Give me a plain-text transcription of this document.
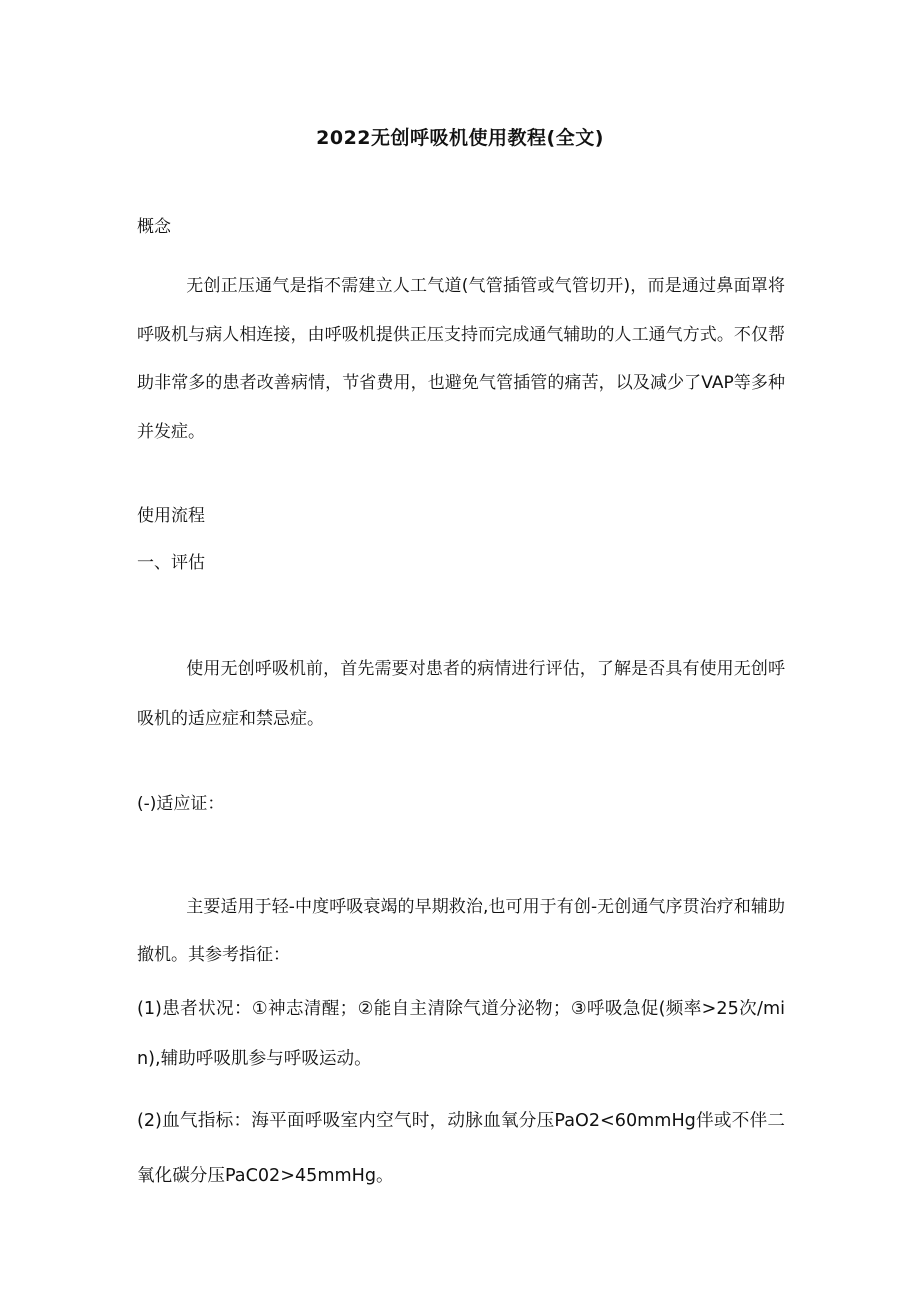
2022无创呼吸机使用教程(全文)
概念

无创正压通气是指不需建立人工气道(气管插管或气管切开)，而是通过鼻面罩将呼吸机与病人相连接，由呼吸机提供正压支持而完成通气辅助的人工通气方式。不仅帮助非常多的患者改善病情，节省费用，也避免气管插管的痛苦，以及减少了VAP等多种并发症。

使用流程
一、评估

使用无创呼吸机前，首先需要对患者的病情进行评估，了解是否具有使用无创呼吸机的适应症和禁忌症。

(-)适应证：

主要适用于轻-中度呼吸衰竭的早期救治,也可用于有创-无创通气序贯治疗和辅助撤机。其参考指征：

(1)患者状况：①神志清醒；②能自主清除气道分泌物；③呼吸急促(频率>25次/min),辅助呼吸肌参与呼吸运动。

(2)血气指标：海平面呼吸室内空气时，动脉血氧分压PaO2<60mmHg伴或不伴二氧化碳分压PaC02>45mmHg。
